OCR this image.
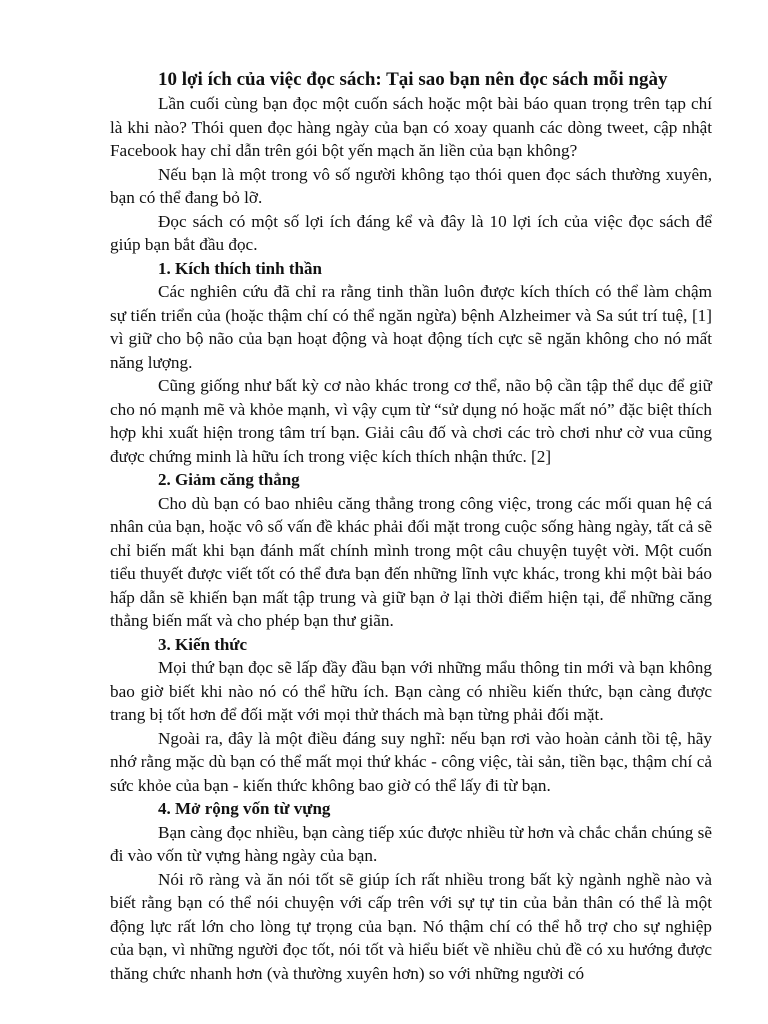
10 lợi ích của việc đọc sách: Tại sao bạn nên đọc sách mỗi ngày

Lần cuối cùng bạn đọc một cuốn sách hoặc một bài báo quan trọng trên tạp chí là khi nào? Thói quen đọc hàng ngày của bạn có xoay quanh các dòng tweet, cập nhật Facebook hay chỉ dẫn trên gói bột yến mạch ăn liền của bạn không?

Nếu bạn là một trong vô số người không tạo thói quen đọc sách thường xuyên, bạn có thể đang bỏ lỡ.

Đọc sách có một số lợi ích đáng kể và đây là 10 lợi ích của việc đọc sách để giúp bạn bắt đầu đọc.

1. Kích thích tinh thần

Các nghiên cứu đã chỉ ra rằng tinh thần luôn được kích thích có thể làm chậm sự tiến triển của (hoặc thậm chí có thể ngăn ngừa) bệnh Alzheimer và Sa sút trí tuệ, [1] vì giữ cho bộ não của bạn hoạt động và hoạt động tích cực sẽ ngăn không cho nó mất năng lượng.

Cũng giống như bất kỳ cơ nào khác trong cơ thể, não bộ cần tập thể dục để giữ cho nó mạnh mẽ và khỏe mạnh, vì vậy cụm từ “sử dụng nó hoặc mất nó” đặc biệt thích hợp khi xuất hiện trong tâm trí bạn. Giải câu đố và chơi các trò chơi như cờ vua cũng được chứng minh là hữu ích trong việc kích thích nhận thức. [2]

2. Giảm căng thẳng

Cho dù bạn có bao nhiêu căng thẳng trong công việc, trong các mối quan hệ cá nhân của bạn, hoặc vô số vấn đề khác phải đối mặt trong cuộc sống hàng ngày, tất cả sẽ chỉ biến mất khi bạn đánh mất chính mình trong một câu chuyện tuyệt vời. Một cuốn tiểu thuyết được viết tốt có thể đưa bạn đến những lĩnh vực khác, trong khi một bài báo hấp dẫn sẽ khiến bạn mất tập trung và giữ bạn ở lại thời điểm hiện tại, để những căng thẳng biến mất và cho phép bạn thư giãn.

3. Kiến thức

Mọi thứ bạn đọc sẽ lấp đầy đầu bạn với những mẩu thông tin mới và bạn không bao giờ biết khi nào nó có thể hữu ích. Bạn càng có nhiều kiến thức, bạn càng được trang bị tốt hơn để đối mặt với mọi thử thách mà bạn từng phải đối mặt.

Ngoài ra, đây là một điều đáng suy nghĩ: nếu bạn rơi vào hoàn cảnh tồi tệ, hãy nhớ rằng mặc dù bạn có thể mất mọi thứ khác - công việc, tài sản, tiền bạc, thậm chí cả sức khỏe của bạn - kiến thức không bao giờ có thể lấy đi từ bạn.

4. Mở rộng vốn từ vựng

Bạn càng đọc nhiều, bạn càng tiếp xúc được nhiều từ hơn và chắc chắn chúng sẽ đi vào vốn từ vựng hàng ngày của bạn.

Nói rõ ràng và ăn nói tốt sẽ giúp ích rất nhiều trong bất kỳ ngành nghề nào và biết rằng bạn có thể nói chuyện với cấp trên với sự tự tin của bản thân có thể là một động lực rất lớn cho lòng tự trọng của bạn. Nó thậm chí có thể hỗ trợ cho sự nghiệp của bạn, vì những người đọc tốt, nói tốt và hiểu biết về nhiều chủ đề có xu hướng được thăng chức nhanh hơn (và thường xuyên hơn) so với những người có
